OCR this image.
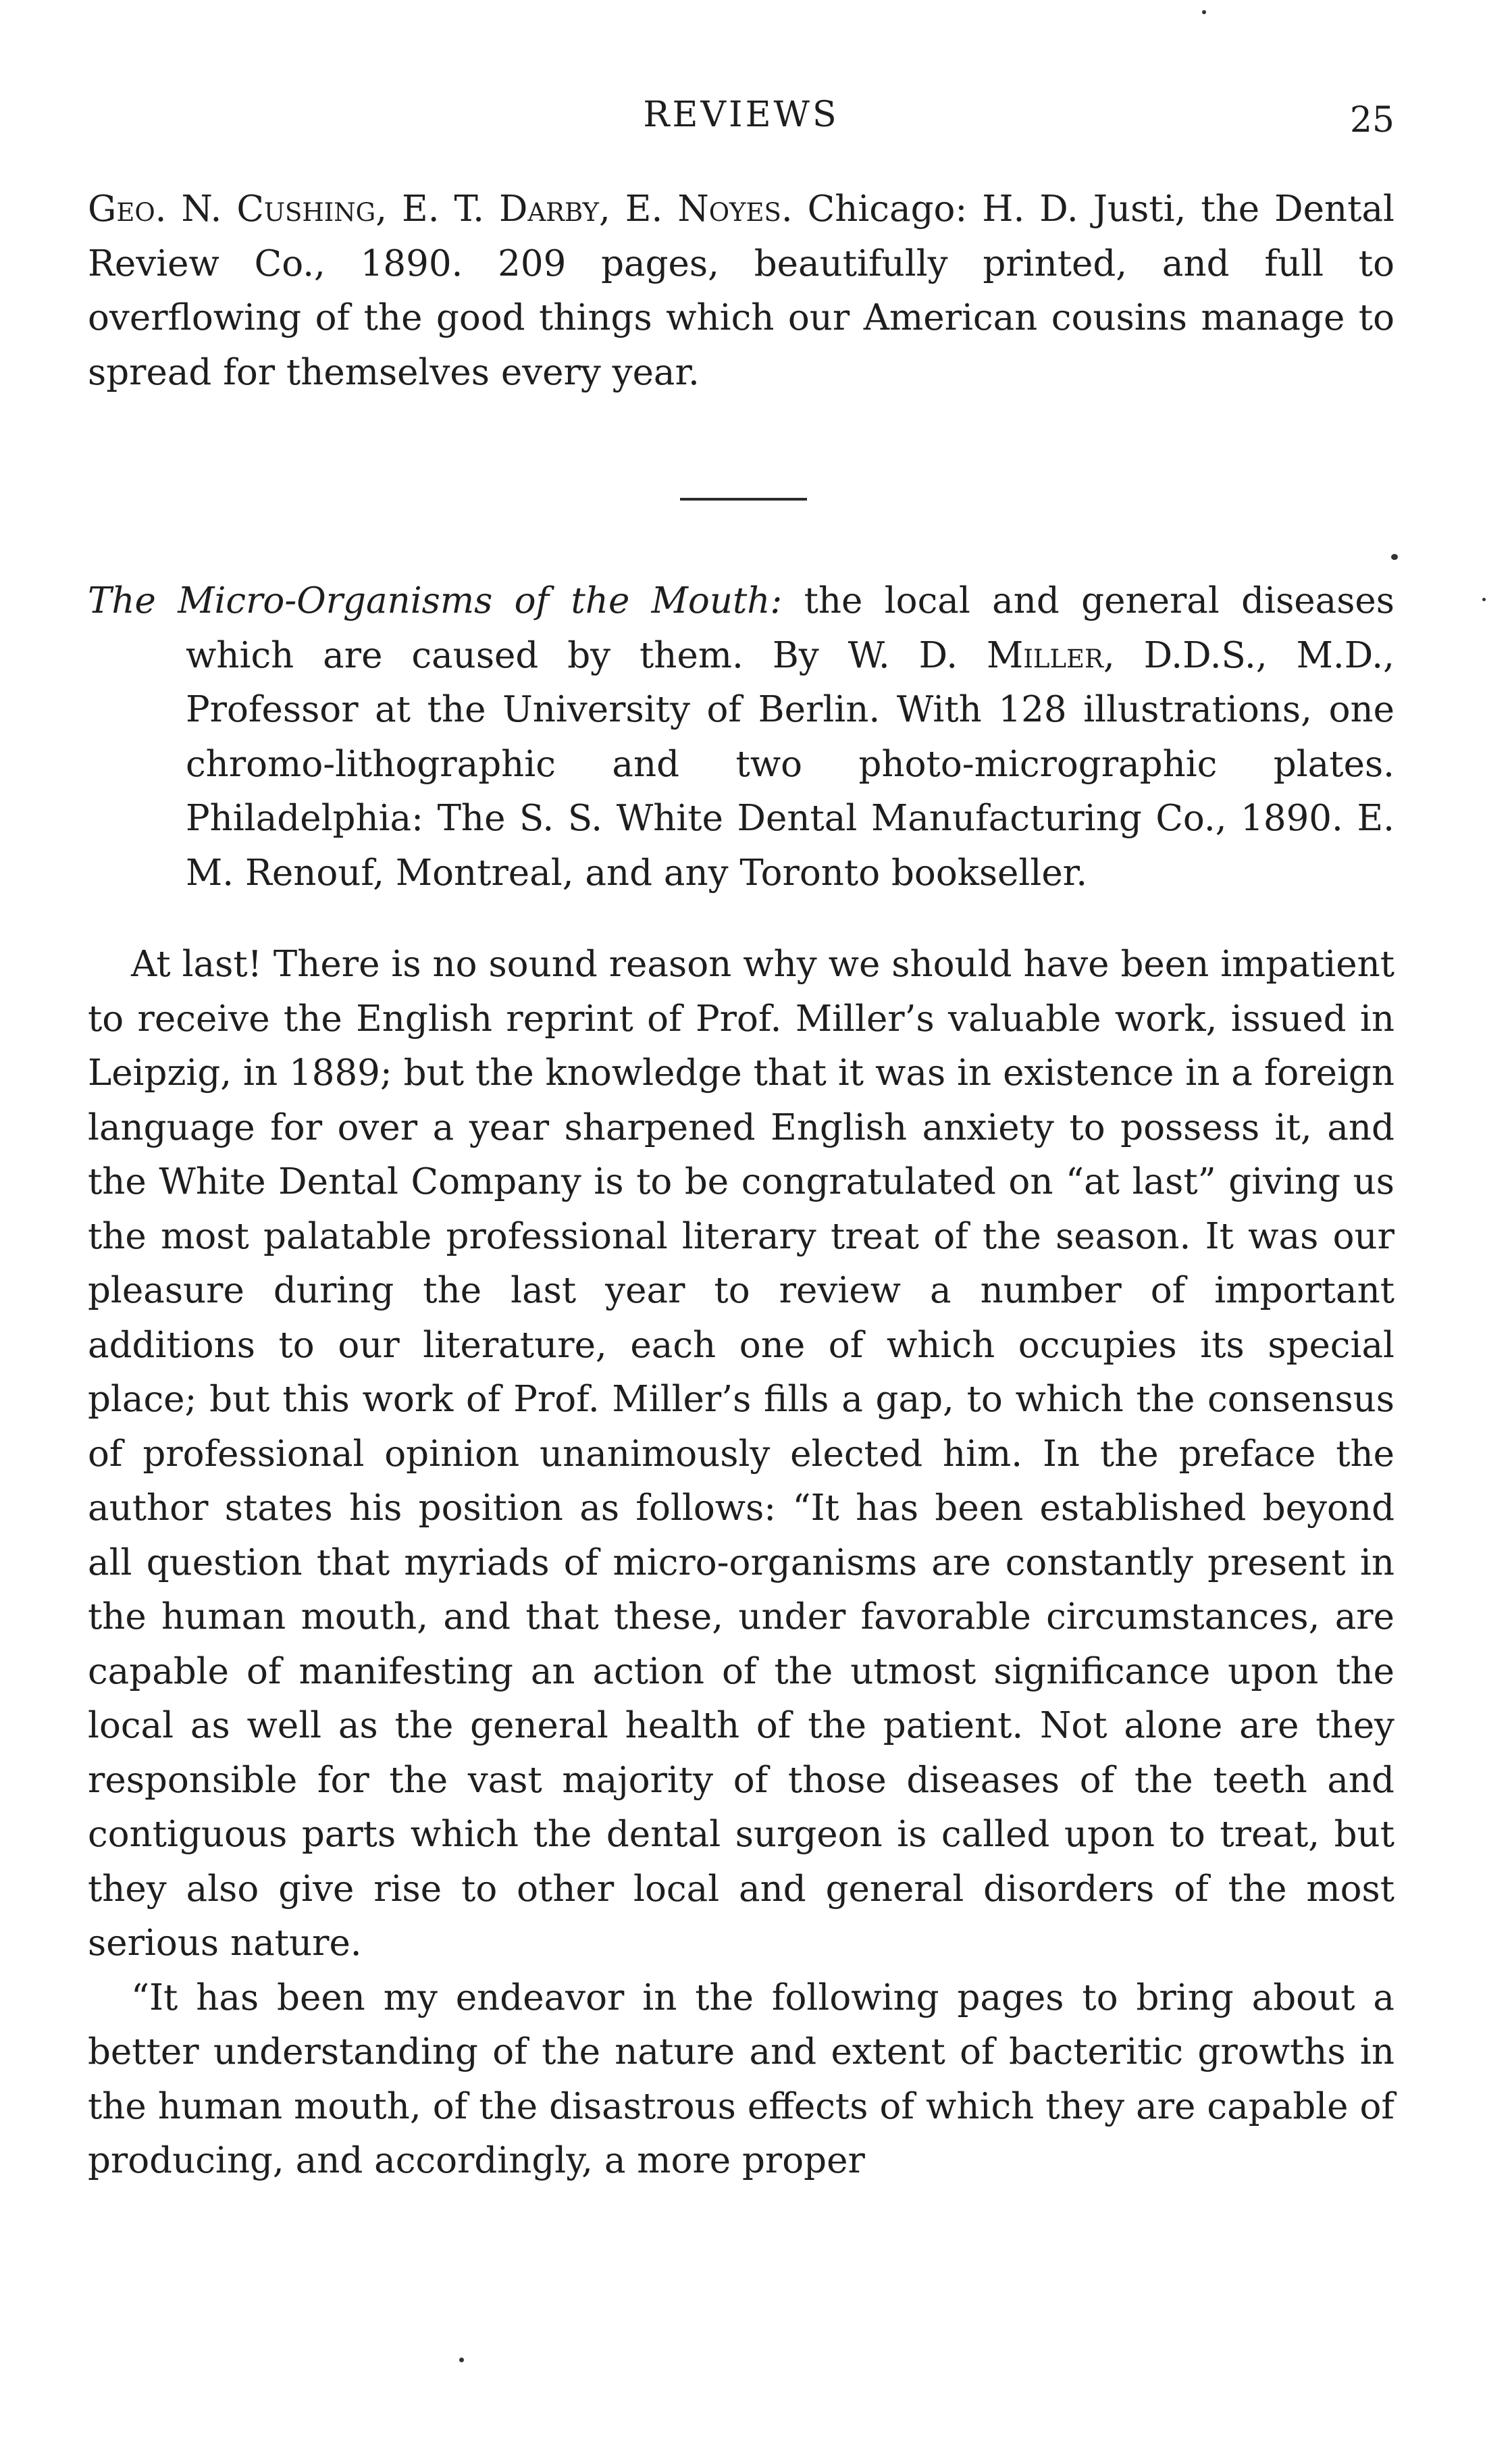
REVIEWS	25

Geo. N. Cushing, E. T. Darby, E. Noyes. Chicago: H. D. Justi, the Dental Review Co., 1890. 209 pages, beautifully printed, and full to overflowing of the good things which our American cousins manage to spread for themselves every year.

The Micro-Organisms of the Mouth: the local and general diseases which are caused by them. By W. D. Miller, D.D.S., M.D., Professor at the University of Berlin. With 128 illustrations, one chromo-lithographic and two photo-micrographic plates. Philadelphia: The S. S. White Dental Manufacturing Co., 1890. E. M. Renouf, Montreal, and any Toronto bookseller.

At last! There is no sound reason why we should have been impatient to receive the English reprint of Prof. Miller’s valuable work, issued in Leipzig, in 1889; but the knowledge that it was in existence in a foreign language for over a year sharpened English anxiety to possess it, and the White Dental Company is to be congratulated on “at last” giving us the most palatable professional literary treat of the season. It was our pleasure during the last year to review a number of important additions to our literature, each one of which occupies its special place; but this work of Prof. Miller’s fills a gap, to which the consensus of professional opinion unanimously elected him. In the preface the author states his position as follows: “It has been established beyond all question that myriads of micro-organisms are constantly present in the human mouth, and that these, under favorable circumstances, are capable of manifesting an action of the utmost significance upon the local as well as the general health of the patient. Not alone are they responsible for the vast majority of those diseases of the teeth and contiguous parts which the dental surgeon is called upon to treat, but they also give rise to other local and general disorders of the most serious nature.

“It has been my endeavor in the following pages to bring about a better understanding of the nature and extent of bacteritic growths in the human mouth, of the disastrous effects of which they are capable of producing, and accordingly, a more proper
